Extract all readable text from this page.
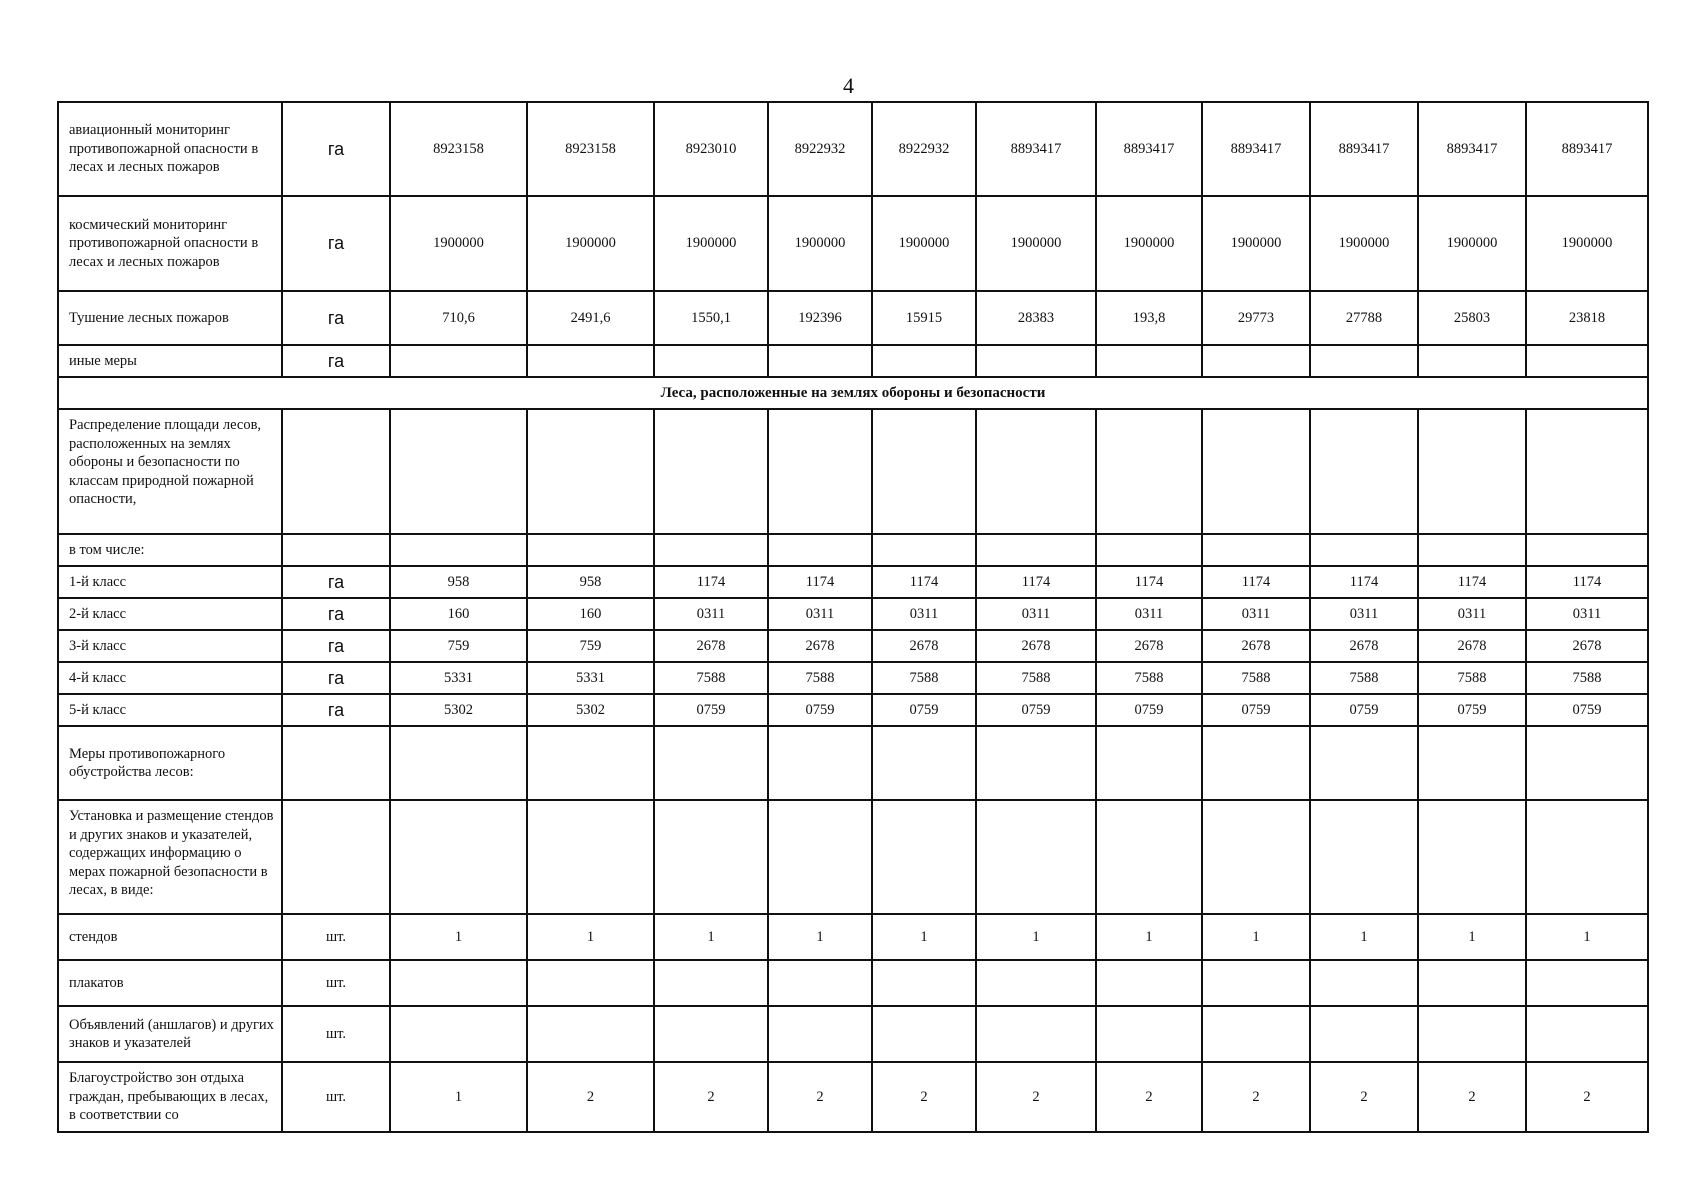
4
авиационный мониторинг противопожарной опасности в лесах и лесных пожаров	га	8923158	8923158	8923010	8922932	8922932	8893417	8893417	8893417	8893417	8893417	8893417
космический мониторинг противопожарной опасности в лесах и лесных пожаров	га	1900000	1900000	1900000	1900000	1900000	1900000	1900000	1900000	1900000	1900000	1900000
Тушение лесных пожаров	га	710,6	2491,6	1550,1	192396	15915	28383	193,8	29773	27788	25803	23818
иные меры	га											
Леса, расположенные на землях обороны и безопасности												
Распределение площади лесов, расположенных на землях обороны и безопасности по классам природной пожарной опасности,												
в том числе:												
1-й класс	га	958	958	1174	1174	1174	1174	1174	1174	1174	1174	1174
2-й класс	га	160	160	0311	0311	0311	0311	0311	0311	0311	0311	0311
3-й класс	га	759	759	2678	2678	2678	2678	2678	2678	2678	2678	2678
4-й класс	га	5331	5331	7588	7588	7588	7588	7588	7588	7588	7588	7588
5-й класс	га	5302	5302	0759	0759	0759	0759	0759	0759	0759	0759	0759
Меры противопожарного обустройства лесов:												
Установка и размещение стендов и других знаков и указателей, содержащих информацию о мерах пожарной безопасности в лесах, в виде:												
стендов	шт.	1	1	1	1	1	1	1	1	1	1	1
плакатов	шт.											
Объявлений (аншлагов) и других знаков и указателей	шт.											
Благоустройство зон отдыха граждан, пребывающих в лесах, в соответствии со	шт.	1	2	2	2	2	2	2	2	2	2	2
